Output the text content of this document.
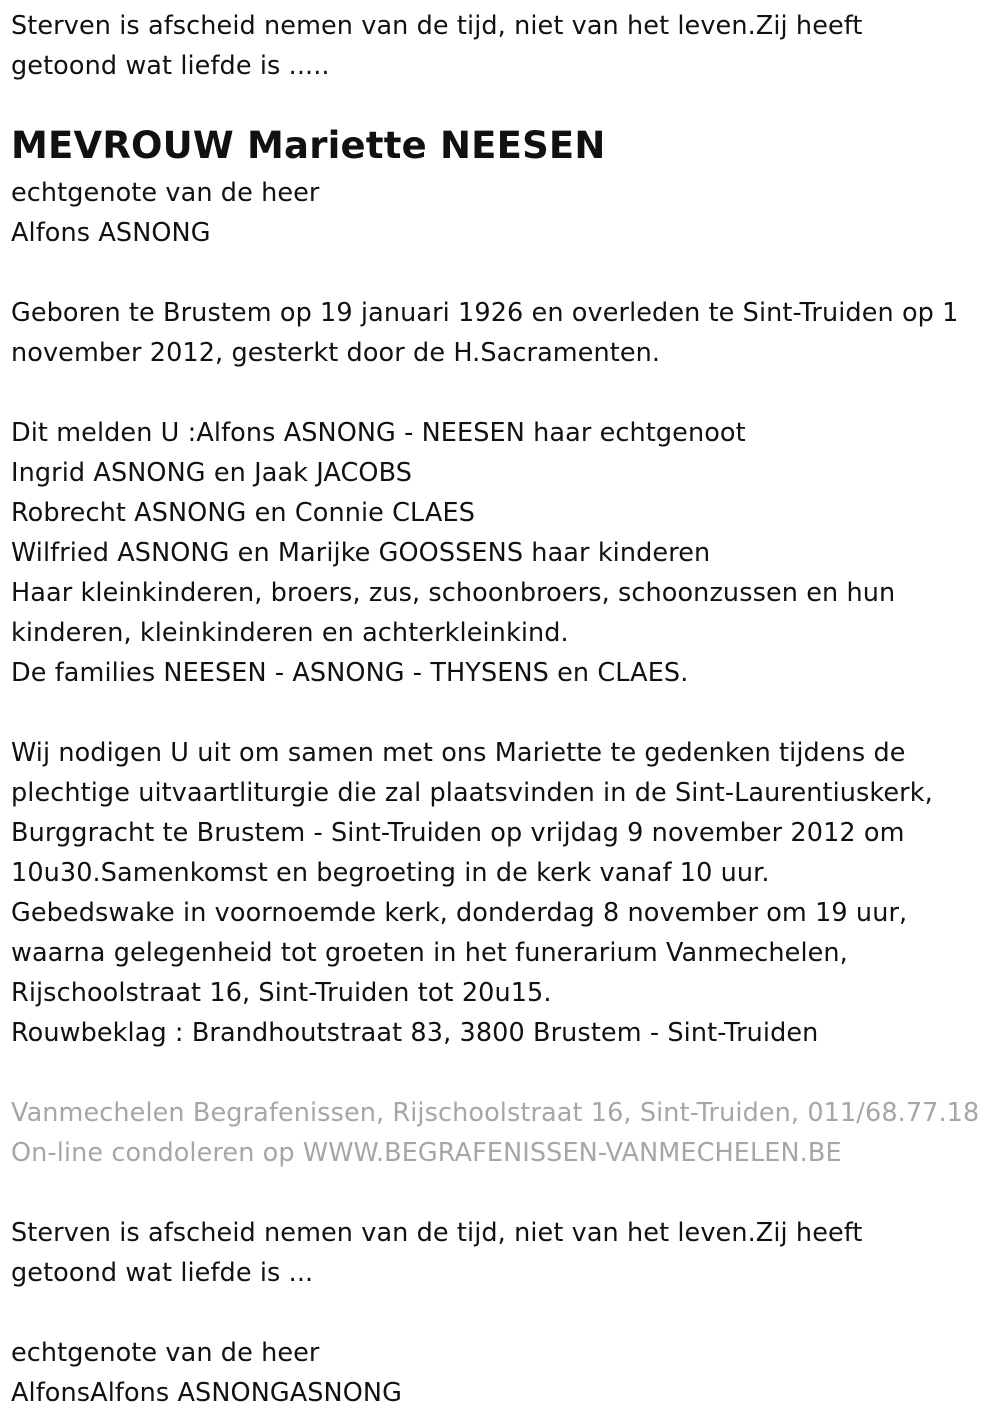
Sterven is afscheid nemen van de tijd, niet van het leven.Zij heeft
getoond wat liefde is .....
MEVROUW Mariette NEESEN
echtgenote van de heer
Alfons ASNONG
Geboren te Brustem op 19 januari 1926 en overleden te Sint-Truiden op 1
november 2012, gesterkt door de H.Sacramenten.
Dit melden U :Alfons ASNONG - NEESEN haar echtgenoot
Ingrid ASNONG en Jaak JACOBS
Robrecht ASNONG en Connie CLAES
Wilfried ASNONG en Marijke GOOSSENS haar kinderen
Haar kleinkinderen, broers, zus, schoonbroers, schoonzussen en hun
kinderen, kleinkinderen en achterkleinkind.
De families NEESEN - ASNONG - THYSENS en CLAES.
Wij nodigen U uit om samen met ons Mariette te gedenken tijdens de
plechtige uitvaartliturgie die zal plaatsvinden in de Sint-Laurentiuskerk,
Burggracht te Brustem - Sint-Truiden op vrijdag 9 november 2012 om
10u30.Samenkomst en begroeting in de kerk vanaf 10 uur.
Gebedswake in voornoemde kerk, donderdag 8 november om 19 uur,
waarna gelegenheid tot groeten in het funerarium Vanmechelen,
Rijschoolstraat 16, Sint-Truiden tot 20u15.
Rouwbeklag : Brandhoutstraat 83, 3800 Brustem - Sint-Truiden
Vanmechelen Begrafenissen, Rijschoolstraat 16, Sint-Truiden, 011/68.77.18
On-line condoleren op WWW.BEGRAFENISSEN-VANMECHELEN.BE
Sterven is afscheid nemen van de tijd, niet van het leven.Zij heeft
getoond wat liefde is ...
echtgenote van de heer
AlfonsAlfons ASNONGASNONG
